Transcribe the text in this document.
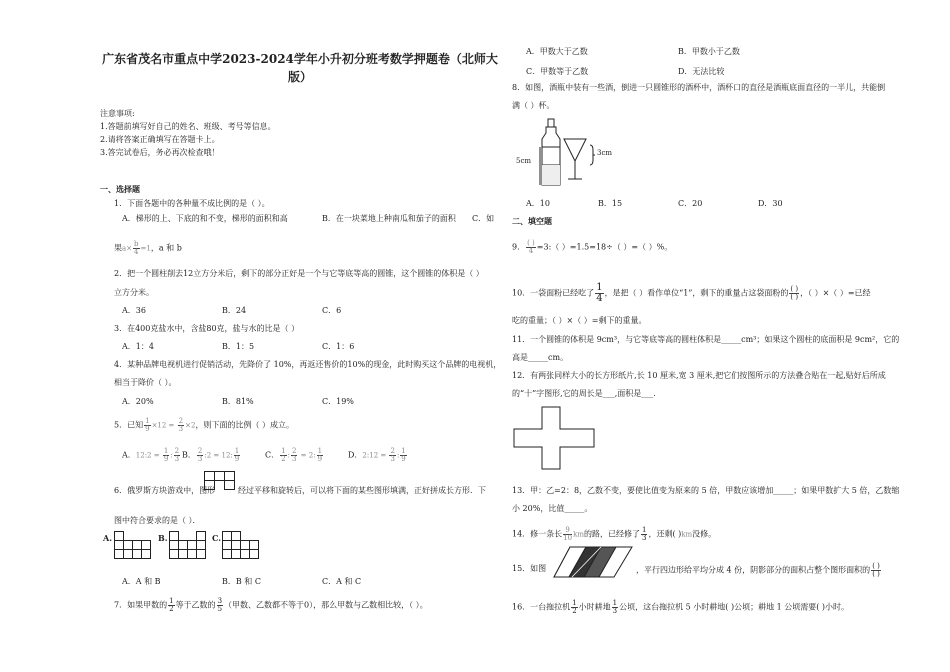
广东省茂名市重点中学2023-2024学年小升初分班考数学押题卷（北师大版）
注意事项:
1.答题前填写好自己的姓名、班级、考号等信息。
2.请将答案正确填写在答题卡上。
3.答完试卷后，务必再次检查哦！
一、选择题
1．下面各题中的各种量不成比例的是（ ）。
A．梯形的上、下底的和不变，梯形的面积和高	B．在一块菜地上种南瓜和茄子的面积 C．如
果$a\times \frac{b}{4} =1$，a 和 b
2．把一个圆柱削去12立方分米后，剩下的部分正好是一个与它等底等高的圆锥，这个圆锥的体积是（ ）
立方分米。
A．36	B．24	C．6
3．在400克盐水中，含盐80克，盐与水的比是（ ）
A．1：4	B．1：5	C．1：6
4．某种品牌电视机进行促销活动，先降价了 10%，再返还售价的10%的现金，此时购买这个品牌的电视机，
相当于降价（ ）。
A．20%	B．81%	C．19%
5．已知 $\frac{1}{9} \times 12 = \frac{2}{3} \times 2$，则下面的比例（ ）成立。
A．12:2 = $\frac{1}{9}$ : $\frac{2}{3}$ B． $\frac{2}{3}$ :2 = 12: $\frac{1}{9}$	C． $\frac{1}{2}$ : $\frac{2}{3} = 2$: $\frac{1}{9}$	D．2:12 = $\frac{2}{3}$ : $\frac{1}{9}$
6．俄罗斯方块游戏中，图形	经过平移和旋转后，可以将下面的某些图形填满，正好拼成长方形．下
图中符合要求的是（ ）．
A.	B.	C.
A．A 和 B	B．B 和 C	C．A 和 C
7．如果甲数的 $\frac{1}{2}$ 等于乙数的 $\frac{3}{5}$ （甲数、乙数都不等于0），那么甲数与乙数相比较，（ ）。
A．甲数大于乙数	B．甲数小于乙数
C．甲数等于乙数	D．无法比较
8．如图，酒瓶中装有一些酒，倒进一只圆锥形的酒杯中，酒杯口的直径是酒瓶底面直径的一半儿，共能倒
满（ ）杯。
5cm
3cm
A．10	B．15	C．20	D．30
二、填空题
9． $\frac{( )}{4}$ =3:（ ）=1.5=18÷（ ）=（ ）%。
10．一袋面粉已经吃了 $\frac{1}{4}$ ，是把（ ）看作单位“1”，剩下的重量占这袋面粉的 $\frac{( )}{( )}$ ，（ ）×（ ）=已经
吃的重量；（ ）×（ ）=剩下的重量。
11．一个圆锥的体积是 9cm³，与它等底等高的圆柱体积是_____cm³；如果这个圆柱的底面积是 9cm²，它的
高是_____cm。
12．有两张同样大小的长方形纸片,长 10 厘米,宽 3 厘米,把它们按图所示的方法叠合贴在一起,贴好后所成
的“十”字图形,它的周长是___,面积是___.
13．甲：乙=2：8，乙数不变，要使比值变为原来的 5 倍，甲数应该增加_____；如果甲数扩大 5 倍，乙数缩
小 20%，比值_____。
14．修一条长 $\frac{9}{10}$ km的路，已经修了 $\frac{1}{3}$ ，还剩( )km没修。
15．如图	，平行四边形给平均分成 4 份，阴影部分的面积占整个图形面积的 $\frac{( )}{( )}$
16．一台拖拉机 $\frac{1}{2}$ 小时耕地 $\frac{1}{3}$ 公顷，这台拖拉机 5 小时耕地( )公顷；耕地 1 公顷需要( )小时。
